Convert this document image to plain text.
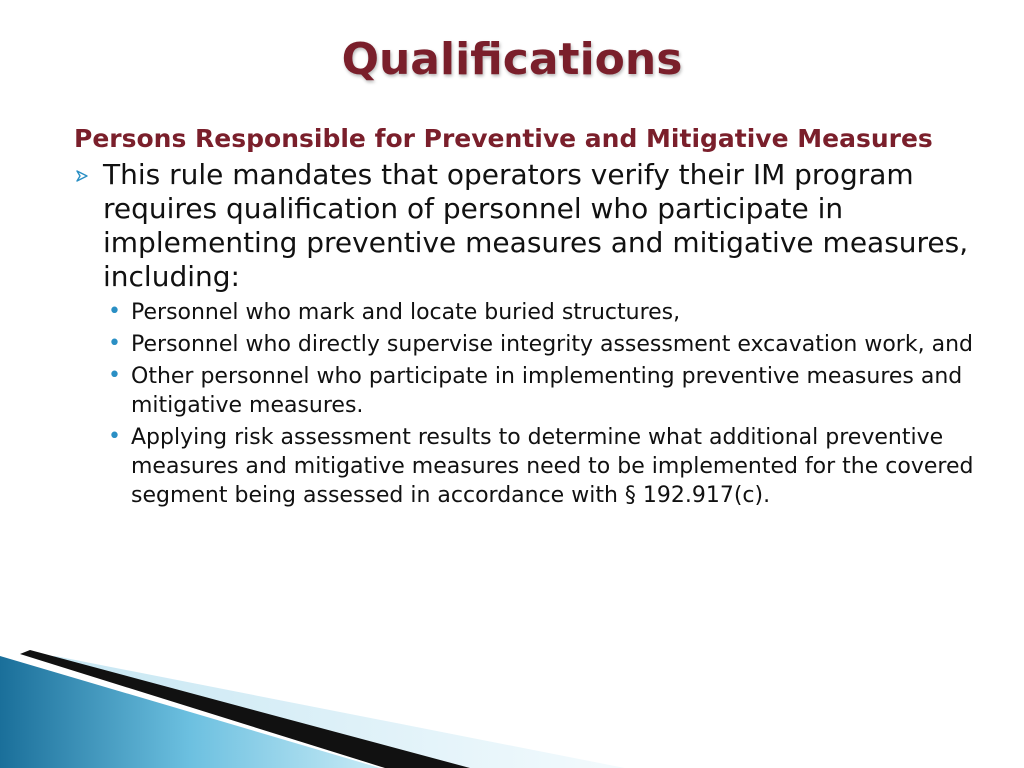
Qualifications
Persons Responsible for Preventive and Mitigative Measures
This rule mandates that operators verify their IM program requires qualification of personnel who participate in implementing preventive measures and mitigative measures, including:
• Personnel who mark and locate buried structures,
• Personnel who directly supervise integrity assessment excavation work, and
• Other personnel who participate in implementing preventive measures and mitigative measures.
• Applying risk assessment results to determine what additional preventive measures and mitigative measures need to be implemented for the covered segment being assessed in accordance with § 192.917(c).
